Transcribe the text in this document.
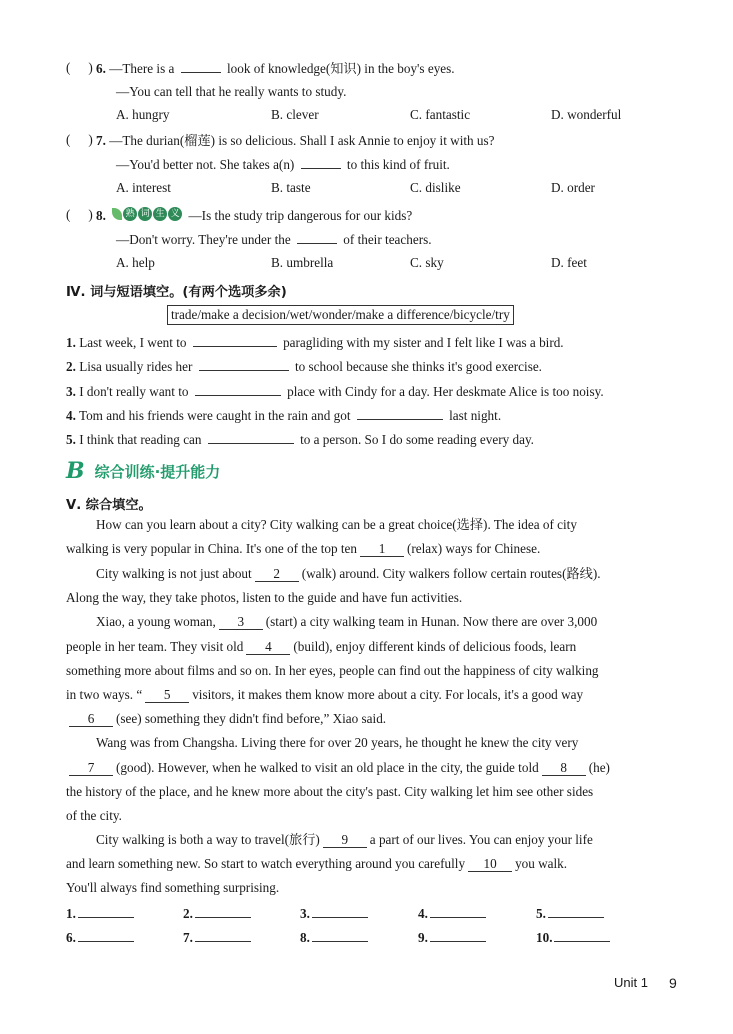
( ) 6. —There is a	look of knowledge(知识) in the boy's eyes.
—You can tell that he really wants to study.
A. hungry	B. clever	C. fantastic	D. wonderful
( ) 7. —The durian(榴莲) is so delicious. Shall I ask Annie to enjoy it with us?
—You'd better not. She takes a(n)	to this kind of fruit.
A. interest	B. taste	C. dislike	D. order
( ) 8. 熟 词 生 义 —Is the study trip dangerous for our kids?
—Don't worry. They're under the	of their teachers.
A. help	B. umbrella	C. sky	D. feet
Ⅳ. 词与短语填空。(有两个选项多余)
trade/make a decision/wet/wonder/make a difference/bicycle/try
1. Last week, I went to	paragliding with my sister and I felt like I was a bird.
2. Lisa usually rides her	to school because she thinks it's good exercise.
3. I don't really want to	place with Cindy for a day. Her deskmate Alice is too noisy.
4. Tom and his friends were caught in the rain and got	last night.
5. I think that reading can	to a person. So I do some reading every day.
B 综合训练·提升能力
Ⅴ. 综合填空。
How can you learn about a city? City walking can be a great choice(选择). The idea of city
walking is very popular in China. It's one of the top ten 1 (relax) ways for Chinese.
City walking is not just about 2 (walk) around. City walkers follow certain routes(路线).
Along the way, they take photos, listen to the guide and have fun activities.
Xiao, a young woman, 3 (start) a city walking team in Hunan. Now there are over 3,000
people in her team. They visit old 4 (build), enjoy different kinds of delicious foods, learn
something more about films and so on. In her eyes, people can find out the happiness of city walking
in two ways. “ 5 visitors, it makes them know more about a city. For locals, it's a good way
6 (see) something they didn't find before,” Xiao said.
Wang was from Changsha. Living there for over 20 years, he thought he knew the city very
7 (good). However, when he walked to visit an old place in the city, the guide told 8 (he)
the history of the place, and he knew more about the city's past. City walking let him see other sides
of the city.
City walking is both a way to travel(旅行) 9 a part of our lives. You can enjoy your life
and learn something new. So start to watch everything around you carefully 10 you walk.
You'll always find something surprising.
1.	2.	3.	4.	5.
6.	7.	8.	9.	10.
Unit 1 9
